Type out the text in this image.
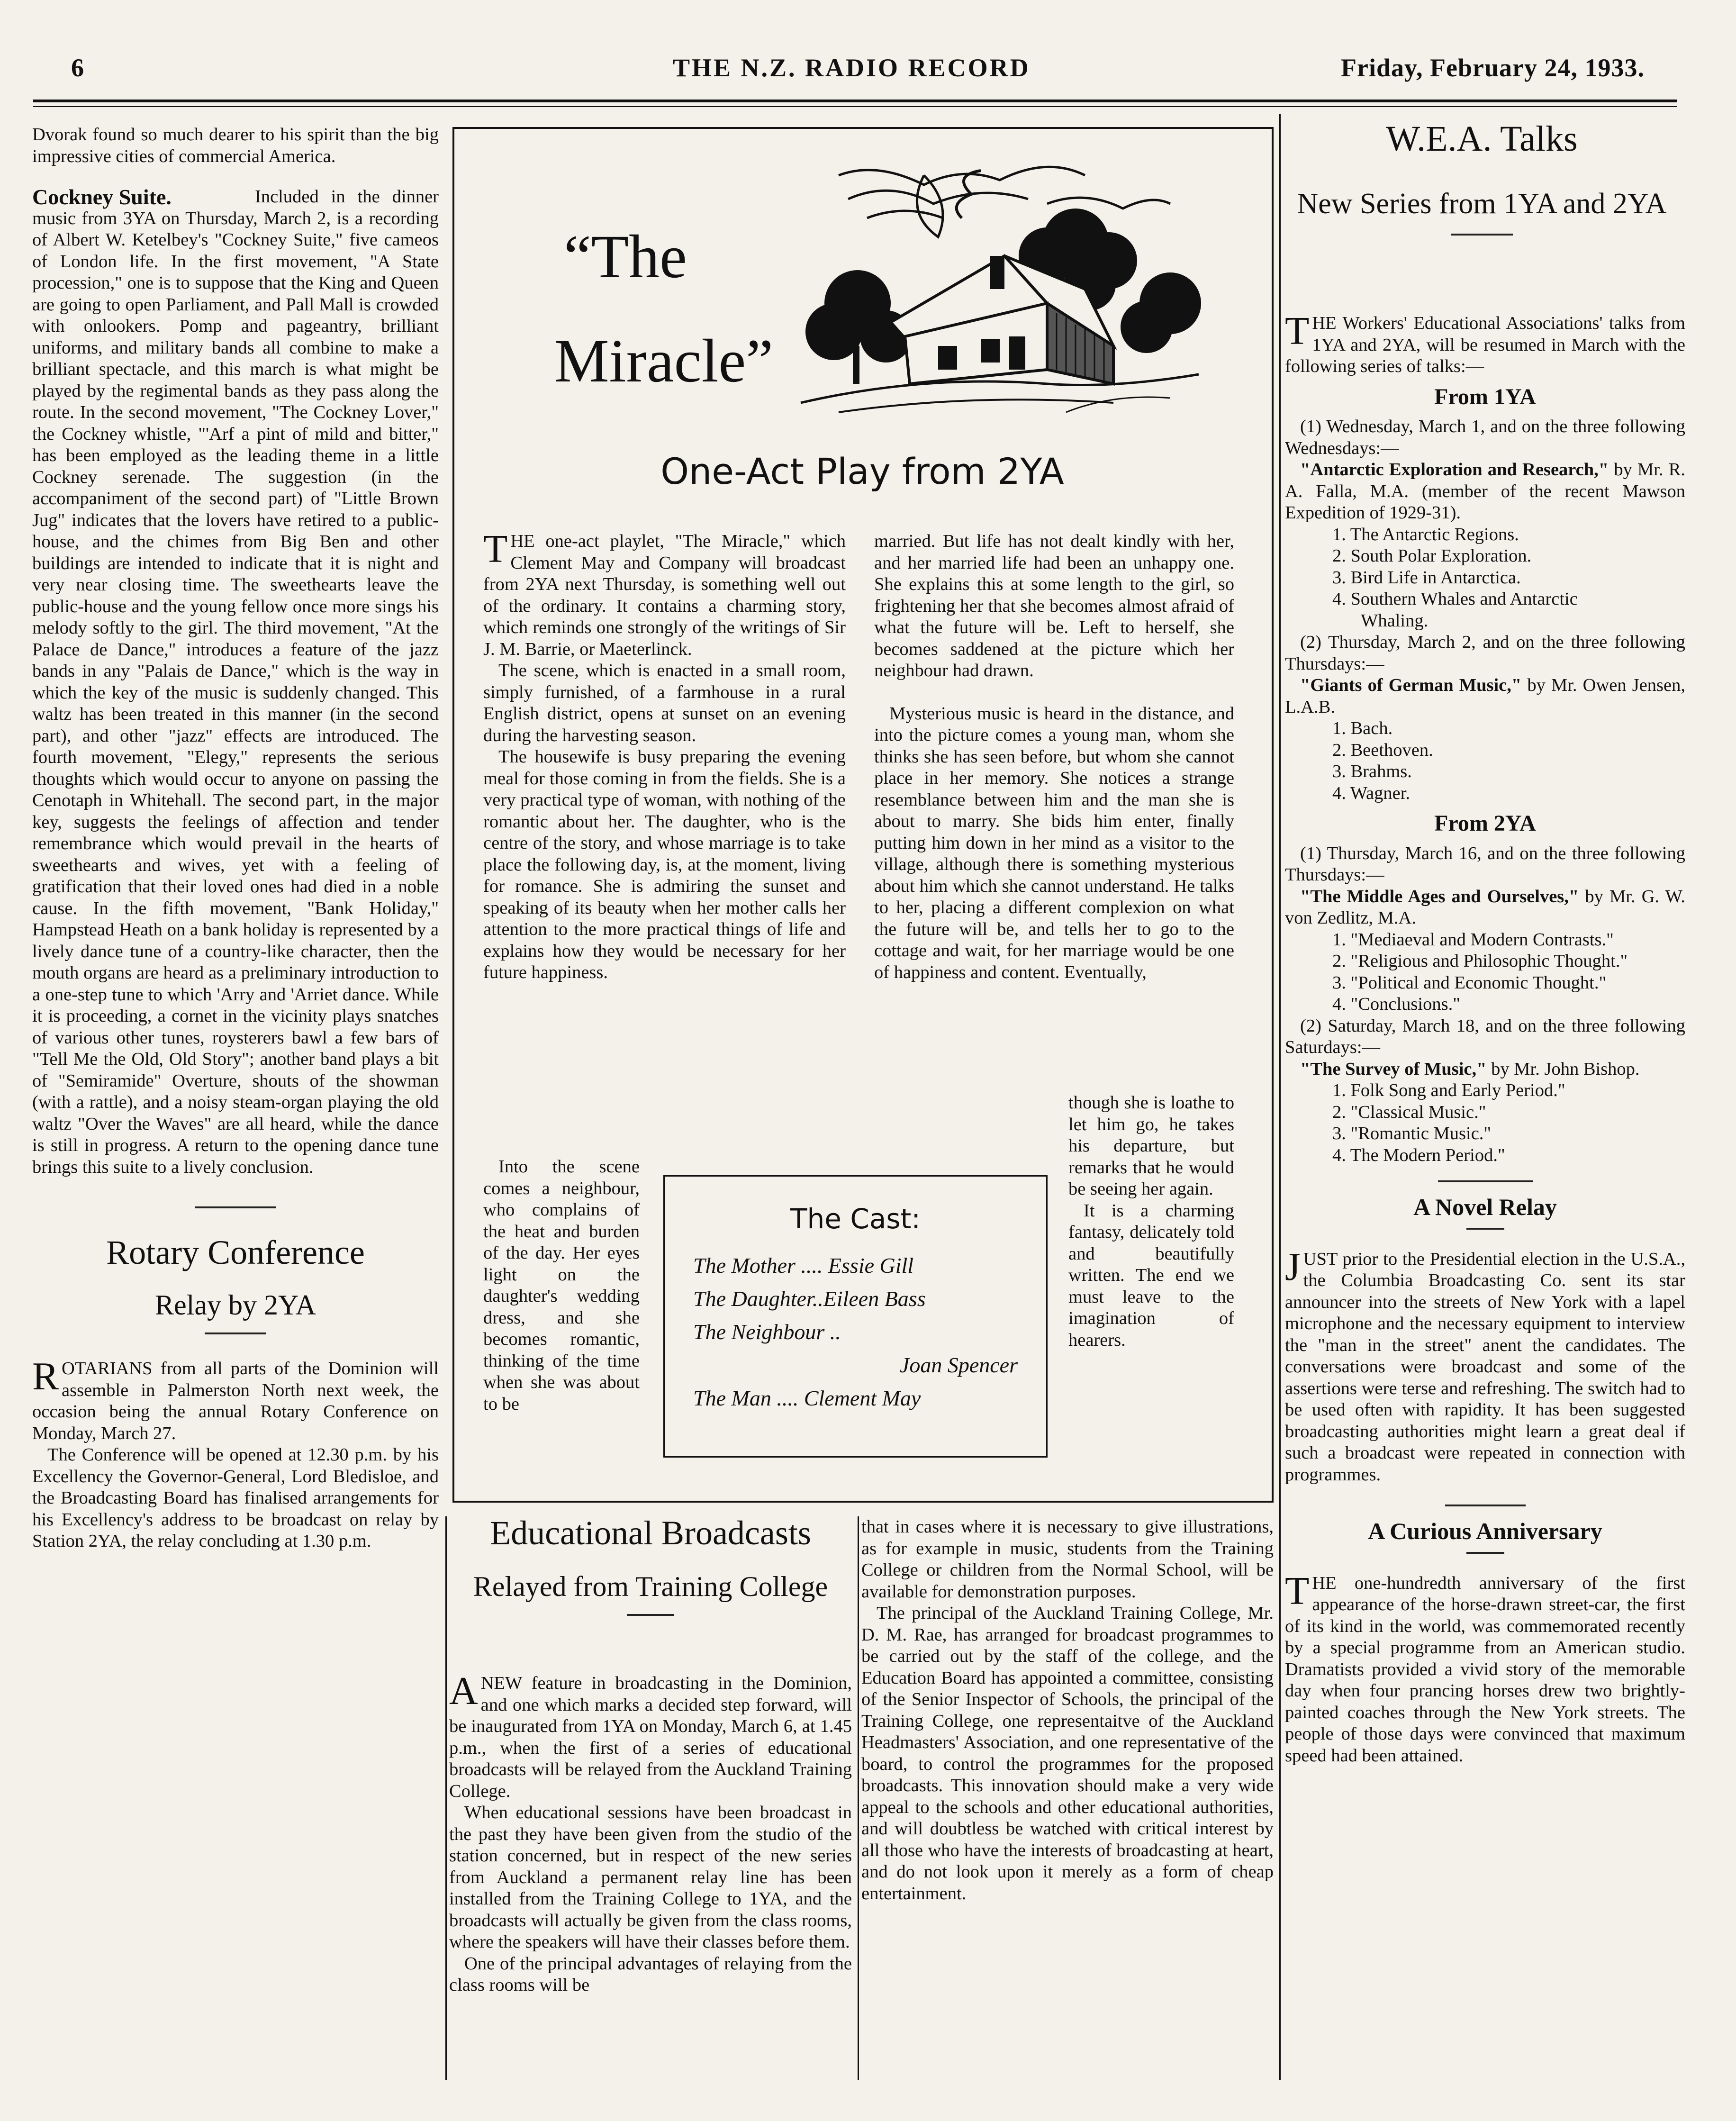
6	THE N.Z. RADIO RECORD	Friday, February 24, 1933.

Dvorak found so much dearer to his spirit than the big impressive cities of commercial America.

Cockney Suite.	Included in the dinner music from 3YA on Thursday, March 2, is a recording of Albert W. Ketelbey's "Cockney Suite," five cameos of London life. In the first movement, "A State procession," one is to suppose that the King and Queen are going to open Parliament, and Pall Mall is crowded with onlookers. Pomp and pageantry, brilliant uniforms, and military bands all combine to make a brilliant spectacle, and this march is what might be played by the regimental bands as they pass along the route. In the second movement, "The Cockney Lover," the Cockney whistle, "'Arf a pint of mild and bitter," has been employed as the leading theme in a little Cockney serenade. The suggestion (in the accompaniment of the second part) of "Little Brown Jug" indicates that the lovers have retired to a public-house, and the chimes from Big Ben and other buildings are intended to indicate that it is night and very near closing time. The sweethearts leave the public-house and the young fellow once more sings his melody softly to the girl. The third movement, "At the Palace de Dance," introduces a feature of the jazz bands in any "Palais de Dance," which is the way in which the key of the music is suddenly changed. This waltz has been treated in this manner (in the second part), and other "jazz" effects are introduced. The fourth movement, "Elegy," represents the serious thoughts which would occur to anyone on passing the Cenotaph in Whitehall. The second part, in the major key, suggests the feelings of affection and tender remembrance which would prevail in the hearts of sweethearts and wives, yet with a feeling of gratification that their loved ones had died in a noble cause. In the fifth movement, "Bank Holiday," Hampstead Heath on a bank holiday is represented by a lively dance tune of a country-like character, then the mouth organs are heard as a preliminary introduction to a one-step tune to which 'Arry and 'Arriet dance. While it is proceeding, a cornet in the vicinity plays snatches of various other tunes, roysterers bawl a few bars of "Tell Me the Old, Old Story"; another band plays a bit of "Semiramide" Overture, shouts of the showman (with a rattle), and a noisy steam-organ playing the old waltz "Over the Waves" are all heard, while the dance is still in progress. A return to the opening dance tune brings this suite to a lively conclusion.

Rotary Conference
Relay by 2YA

ROTARIANS from all parts of the Dominion will assemble in Palmerston North next week, the occasion being the annual Rotary Conference on Monday, March 27.

The Conference will be opened at 12.30 p.m. by his Excellency the Governor-General, Lord Bledisloe, and the Broadcasting Board has finalised arrangements for his Excellency's address to be broadcast on relay by Station 2YA, the relay concluding at 1.30 p.m.

“The
Miracle”
One-Act Play from 2YA

THE one-act playlet, "The Miracle," which Clement May and Company will broadcast from 2YA next Thursday, is something well out of the ordinary. It contains a charming story, which reminds one strongly of the writings of Sir J. M. Barrie, or Maeterlinck.

The scene, which is enacted in a small room, simply furnished, of a farmhouse in a rural English district, opens at sunset on an evening during the harvesting season.

The housewife is busy preparing the evening meal for those coming in from the fields. She is a very practical type of woman, with nothing of the romantic about her. The daughter, who is the centre of the story, and whose marriage is to take place the following day, is, at the moment, living for romance. She is admiring the sunset and speaking of its beauty when her mother calls her attention to the more practical things of life and explains how they would be necessary for her future happiness.

Into the scene comes a neighbour, who complains of the heat and burden of the day. Her eyes light on the daughter's wedding dress, and she becomes romantic, thinking of the time when she was about to be

married. But life has not dealt kindly with her, and her married life had been an unhappy one. She explains this at some length to the girl, so frightening her that she becomes almost afraid of what the future will be. Left to herself, she becomes saddened at the picture which her neighbour had drawn.

Mysterious music is heard in the distance, and into the picture comes a young man, whom she thinks she has seen before, but whom she cannot place in her memory. She notices a strange resemblance between him and the man she is about to marry. She bids him enter, finally putting him down in her mind as a visitor to the village, although there is something mysterious about him which she cannot understand. He talks to her, placing a different complexion on what the future will be, and tells her to go to the cottage and wait, for her marriage would be one of happiness and content. Eventually,

though she is loathe to let him go, he takes his departure, but remarks that he would be seeing her again.

It is a charming fantasy, delicately told and beautifully written. The end we must leave to the imagination of hearers.

The Cast:
The Mother .... Essie Gill
The Daughter..Eileen Bass
The Neighbour ..
Joan Spencer
The Man .... Clement May
Educational Broadcasts
Relayed from Training College

ANEW feature in broadcasting in the Dominion, and one which marks a decided step forward, will be inaugurated from 1YA on Monday, March 6, at 1.45 p.m., when the first of a series of educational broadcasts will be relayed from the Auckland Training College.

When educational sessions have been broadcast in the past they have been given from the studio of the station concerned, but in respect of the new series from Auckland a permanent relay line has been installed from the Training College to 1YA, and the broadcasts will actually be given from the class rooms, where the speakers will have their classes before them.

One of the principal advantages of relaying from the class rooms will be

that in cases where it is necessary to give illustrations, as for example in music, students from the Training College or children from the Normal School, will be available for demonstration purposes.

The principal of the Auckland Training College, Mr. D. M. Rae, has arranged for broadcast programmes to be carried out by the staff of the college, and the Education Board has appointed a committee, consisting of the Senior Inspector of Schools, the principal of the Training College, one representaitve of the Auckland Headmasters' Association, and one representative of the board, to control the programmes for the proposed broadcasts. This innovation should make a very wide appeal to the schools and other educational authorities, and will doubtless be watched with critical interest by all those who have the interests of broadcasting at heart, and do not look upon it merely as a form of cheap entertainment.

W.E.A. Talks
New Series from 1YA and 2YA

THE Workers' Educational Associations' talks from 1YA and 2YA, will be resumed in March with the following series of talks:—

From 1YA

(1) Wednesday, March 1, and on the three following Wednesdays:—

"Antarctic Exploration and Research," by Mr. R. A. Falla, M.A. (member of the recent Mawson Expedition of 1929-31).

1. The Antarctic Regions.
2. South Polar Exploration.
3. Bird Life in Antarctica.
4. Southern Whales and Antarctic
Whaling.

(2) Thursday, March 2, and on the three following Thursdays:—

"Giants of German Music," by Mr. Owen Jensen, L.A.B.

1. Bach.
2. Beethoven.
3. Brahms.
4. Wagner.
From 2YA

(1) Thursday, March 16, and on the three following Thursdays:—

"The Middle Ages and Ourselves," by Mr. G. W. von Zedlitz, M.A.

1. "Mediaeval and Modern Contrasts."
2. "Religious and Philosophic Thought."
3. "Political and Economic Thought."
4. "Conclusions."

(2) Saturday, March 18, and on the three following Saturdays:—

"The Survey of Music," by Mr. John Bishop.

1. Folk Song and Early Period."
2. "Classical Music."
3. "Romantic Music."
4. The Modern Period."
A Novel Relay

JUST prior to the Presidential election in the U.S.A., the Columbia Broadcasting Co. sent its star announcer into the streets of New York with a lapel microphone and the necessary equipment to interview the "man in the street" anent the candidates. The conversations were broadcast and some of the assertions were terse and refreshing. The switch had to be used often with rapidity. It has been suggested broadcasting authorities might learn a great deal if such a broadcast were repeated in connection with programmes.

A Curious Anniversary

THE one-hundredth anniversary of the first appearance of the horse-drawn street-car, the first of its kind in the world, was commemorated recently by a special programme from an American studio. Dramatists provided a vivid story of the memorable day when four prancing horses drew two brightly-painted coaches through the New York streets. The people of those days were convinced that maximum speed had been attained.
